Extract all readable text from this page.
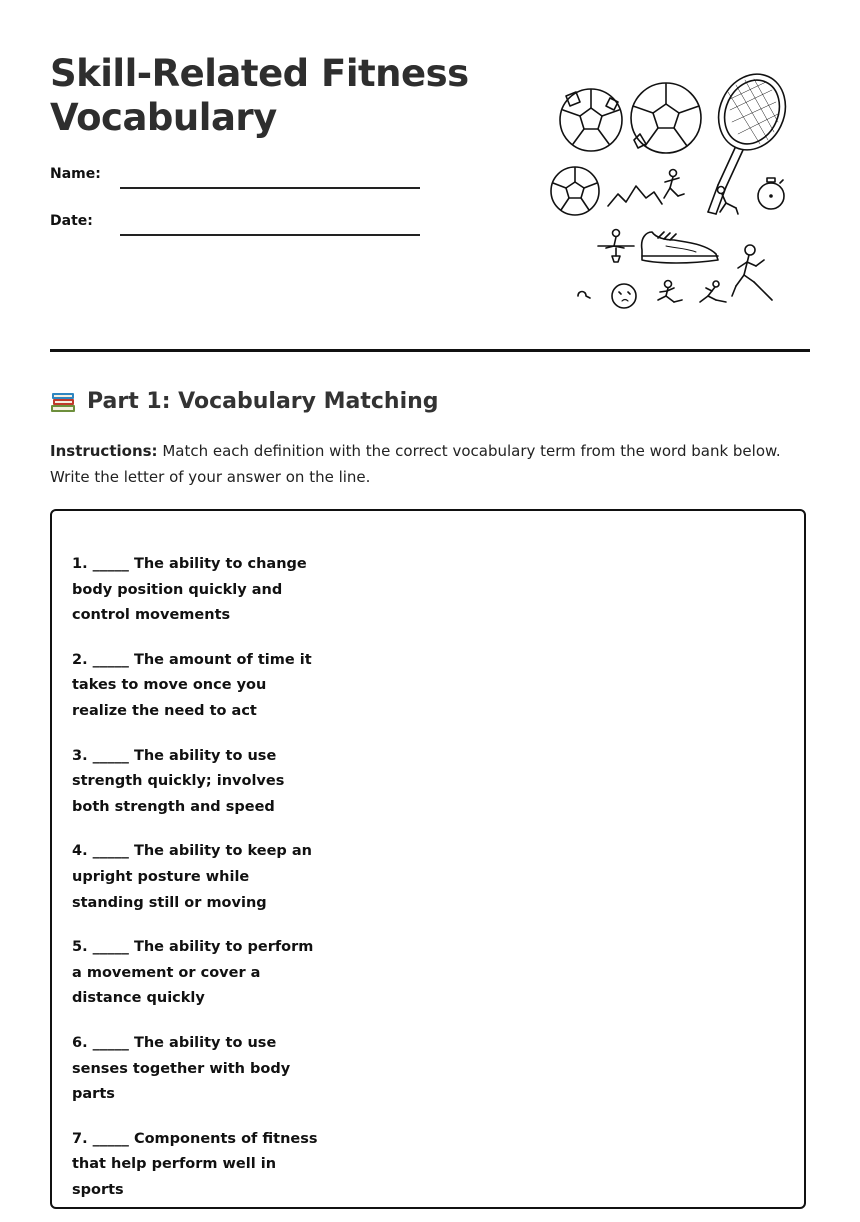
Skill-Related Fitness
Vocabulary
Name:
Date:
Part 1: Vocabulary Matching
Instructions: Match each definition with the correct vocabulary term from the word bank below. Write the letter of your answer on the line.
1. _____ The ability to change body position quickly and control movements
2. _____ The amount of time it takes to move once you realize the need to act
3. _____ The ability to use strength quickly; involves both strength and speed
4. _____ The ability to keep an upright posture while standing still or moving
5. _____ The ability to perform a movement or cover a distance quickly
6. _____ The ability to use senses together with body parts
7. _____ Components of fitness that help perform well in sports
